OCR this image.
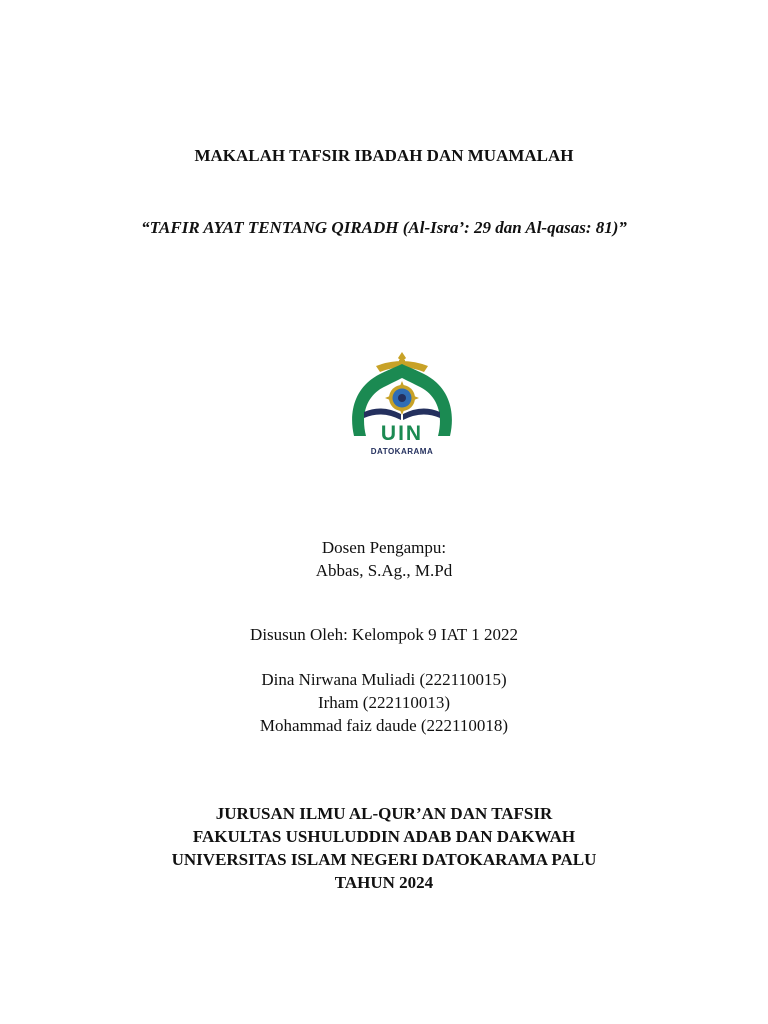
MAKALAH TAFSIR IBADAH DAN MUAMALAH
“TAFIR AYAT TENTANG QIRADH (Al-Isra’: 29 dan Al-qasas: 81)”
UIN
DATOKARAMA
Dosen Pengampu:
Abbas, S.Ag., M.Pd
Disusun Oleh: Kelompok 9 IAT 1 2022
Dina Nirwana Muliadi (222110015)
Irham (222110013)
Mohammad faiz daude (222110018)
JURUSAN ILMU AL-QUR’AN DAN TAFSIR
FAKULTAS USHULUDDIN ADAB DAN DAKWAH
UNIVERSITAS ISLAM NEGERI DATOKARAMA PALU
TAHUN 2024
